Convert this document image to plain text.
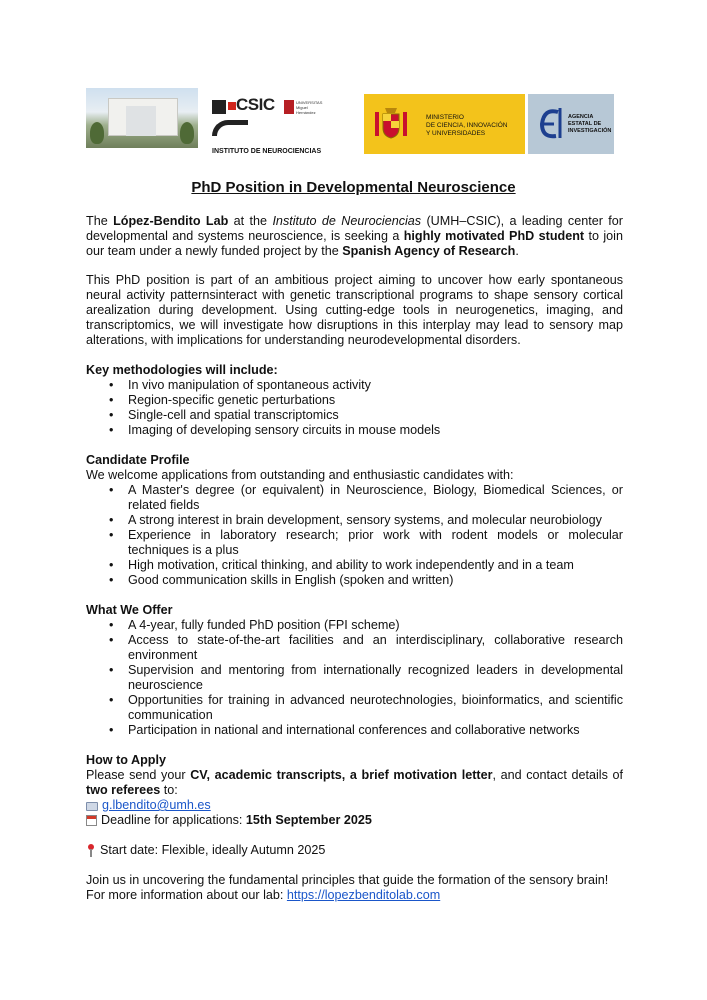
CSIC	UNIVERSITAS Miguel Hernández
INSTITUTO DE NEUROCIENCIAS
MINISTERIO
DE CIENCIA, INNOVACIÓN
Y UNIVERSIDADES
AGENCIA
ESTATAL DE
INVESTIGACIÓN
PhD Position in Developmental Neuroscience

The López-Bendito Lab at the Instituto de Neurociencias (UMH–CSIC), a leading center for developmental and systems neuroscience, is seeking a highly motivated PhD student to join our team under a newly funded project by the Spanish Agency of Research.

This PhD position is part of an ambitious project aiming to uncover how early spontaneous neural activity patternsinteract with genetic transcriptional programs to shape sensory cortical arealization during development. Using cutting-edge tools in neurogenetics, imaging, and transcriptomics, we will investigate how disruptions in this interplay may lead to sensory map alterations, with implications for understanding neurodevelopmental disorders.

Key methodologies will include:
• In vivo manipulation of spontaneous activity
• Region-specific genetic perturbations
• Single-cell and spatial transcriptomics
• Imaging of developing sensory circuits in mouse models
Candidate Profile

We welcome applications from outstanding and enthusiastic candidates with:

• A Master's degree (or equivalent) in Neuroscience, Biology, Biomedical Sciences, or related fields
• A strong interest in brain development, sensory systems, and molecular neurobiology
• Experience in laboratory research; prior work with rodent models or molecular techniques is a plus
• High motivation, critical thinking, and ability to work independently and in a team
• Good communication skills in English (spoken and written)
What We Offer
• A 4-year, fully funded PhD position (FPI scheme)
• Access to state-of-the-art facilities and an interdisciplinary, collaborative research environment
• Supervision and mentoring from internationally recognized leaders in developmental neuroscience
• Opportunities for training in advanced neurotechnologies, bioinformatics, and scientific communication
• Participation in national and international conferences and collaborative networks
How to Apply

Please send your CV, academic transcripts, a brief motivation letter, and contact details of two referees to:

g.lbendito@umh.es
Deadline for applications: 15th September 2025
Start date: Flexible, ideally Autumn 2025

Join us in uncovering the fundamental principles that guide the formation of the sensory brain!

For more information about our lab: https://lopezbenditolab.com
